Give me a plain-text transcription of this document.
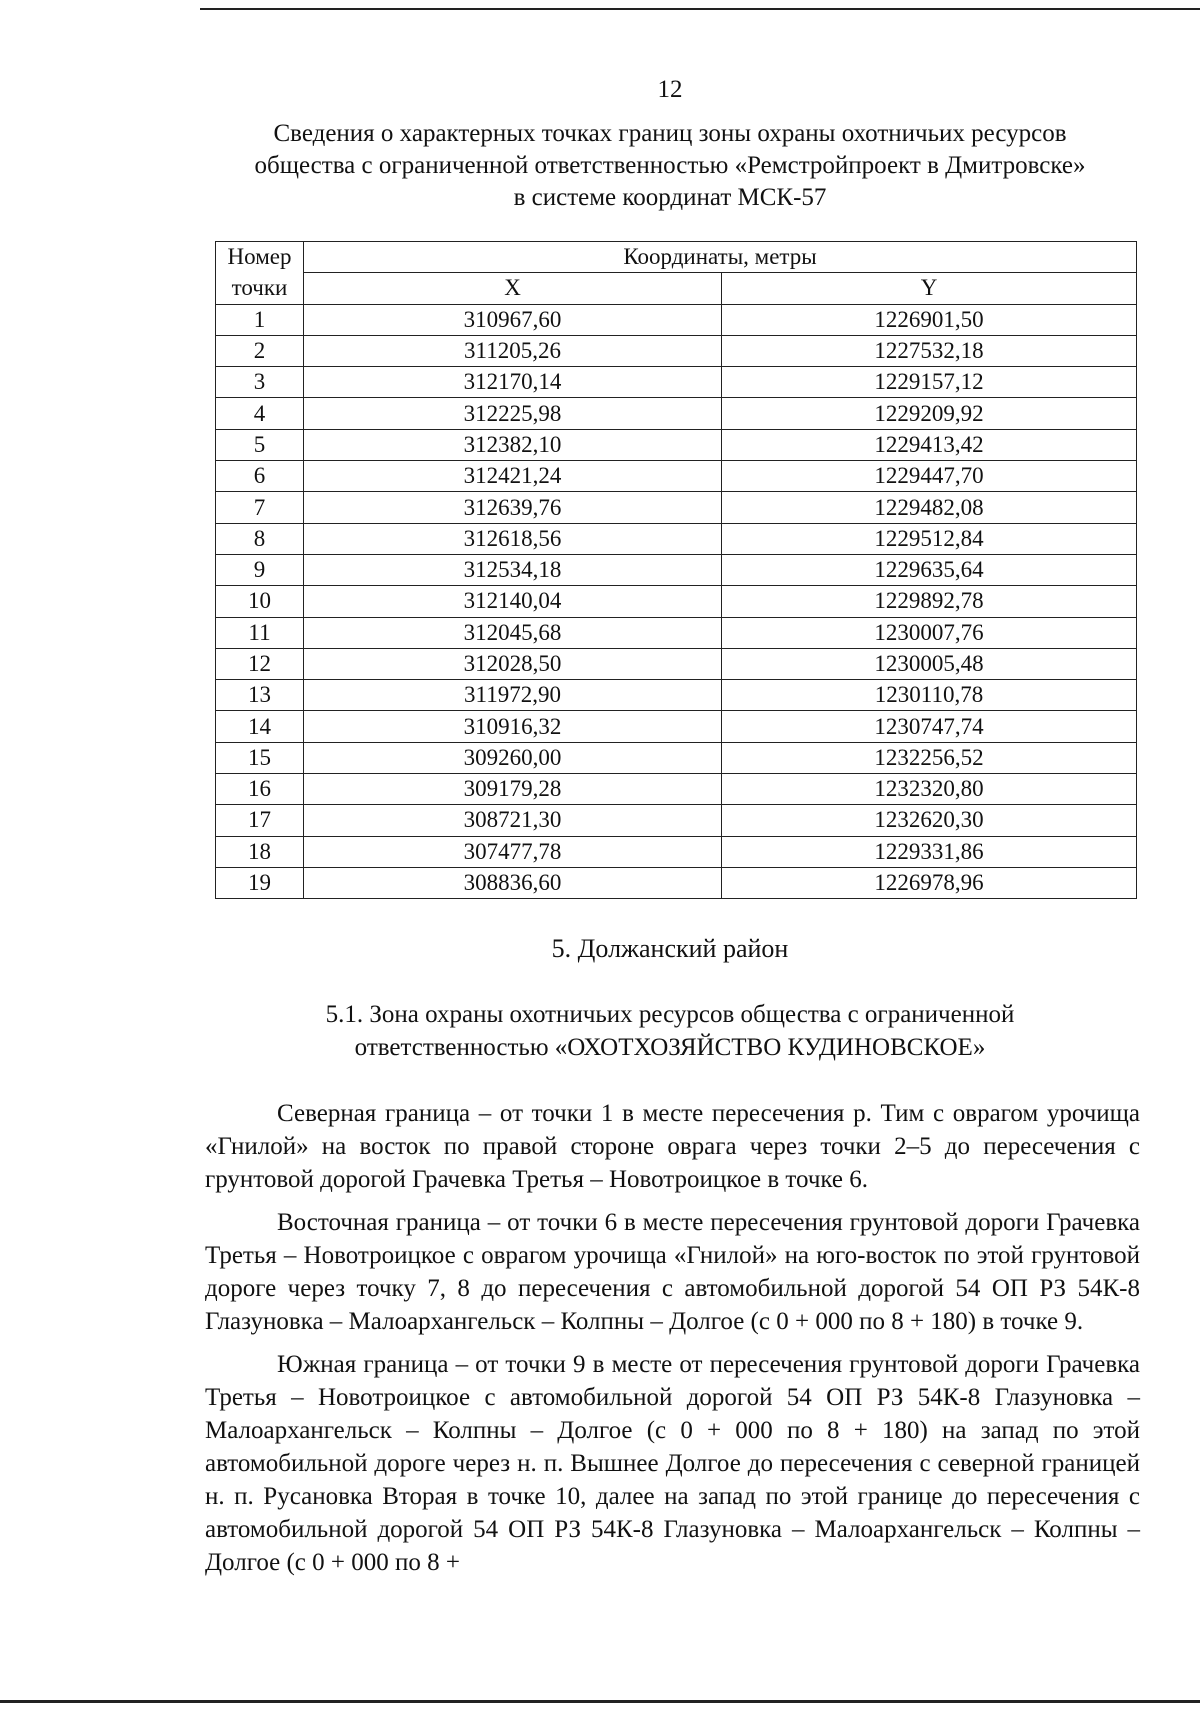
12
Сведения о характерных точках границ зоны охраны охотничьих ресурсов
общества с ограниченной ответственностью «Ремстройпроект в Дмитровске»
в системе координат МСК-57
Номер	Координаты, метры	
точки	X	Y
1	310967,60	1226901,50
2	311205,26	1227532,18
3	312170,14	1229157,12
4	312225,98	1229209,92
5	312382,10	1229413,42
6	312421,24	1229447,70
7	312639,76	1229482,08
8	312618,56	1229512,84
9	312534,18	1229635,64
10	312140,04	1229892,78
11	312045,68	1230007,76
12	312028,50	1230005,48
13	311972,90	1230110,78
14	310916,32	1230747,74
15	309260,00	1232256,52
16	309179,28	1232320,80
17	308721,30	1232620,30
18	307477,78	1229331,86
19	308836,60	1226978,96
5. Должанский район
5.1. Зона охраны охотничьих ресурсов общества с ограниченной
ответственностью «ОХОТХОЗЯЙСТВО КУДИНОВСКОЕ»

Северная граница – от точки 1 в месте пересечения р. Тим с оврагом урочища «Гнилой» на восток по правой стороне оврага через точки 2–5 до пересечения с грунтовой дорогой Грачевка Третья – Новотроицкое в точке 6.

Восточная граница – от точки 6 в месте пересечения грунтовой дороги Грачевка Третья – Новотроицкое с оврагом урочища «Гнилой» на юго-восток по этой грунтовой дороге через точку 7, 8 до пересечения с автомобильной дорогой 54 ОП РЗ 54К-8 Глазуновка – Малоархангельск – Колпны – Долгое (с 0 + 000 по 8 + 180) в точке 9.

Южная граница – от точки 9 в месте от пересечения грунтовой дороги Грачевка Третья – Новотроицкое с автомобильной дорогой 54 ОП РЗ 54К-8 Глазуновка – Малоархангельск – Колпны – Долгое (с 0 + 000 по 8 + 180) на запад по этой автомобильной дороге через н. п. Вышнее Долгое до пересечения с северной границей н. п. Русановка Вторая в точке 10, далее на запад по этой границе до пересечения с автомобильной дорогой 54 ОП РЗ 54К-8 Глазуновка – Малоархангельск – Колпны – Долгое (с 0 + 000 по 8 +
